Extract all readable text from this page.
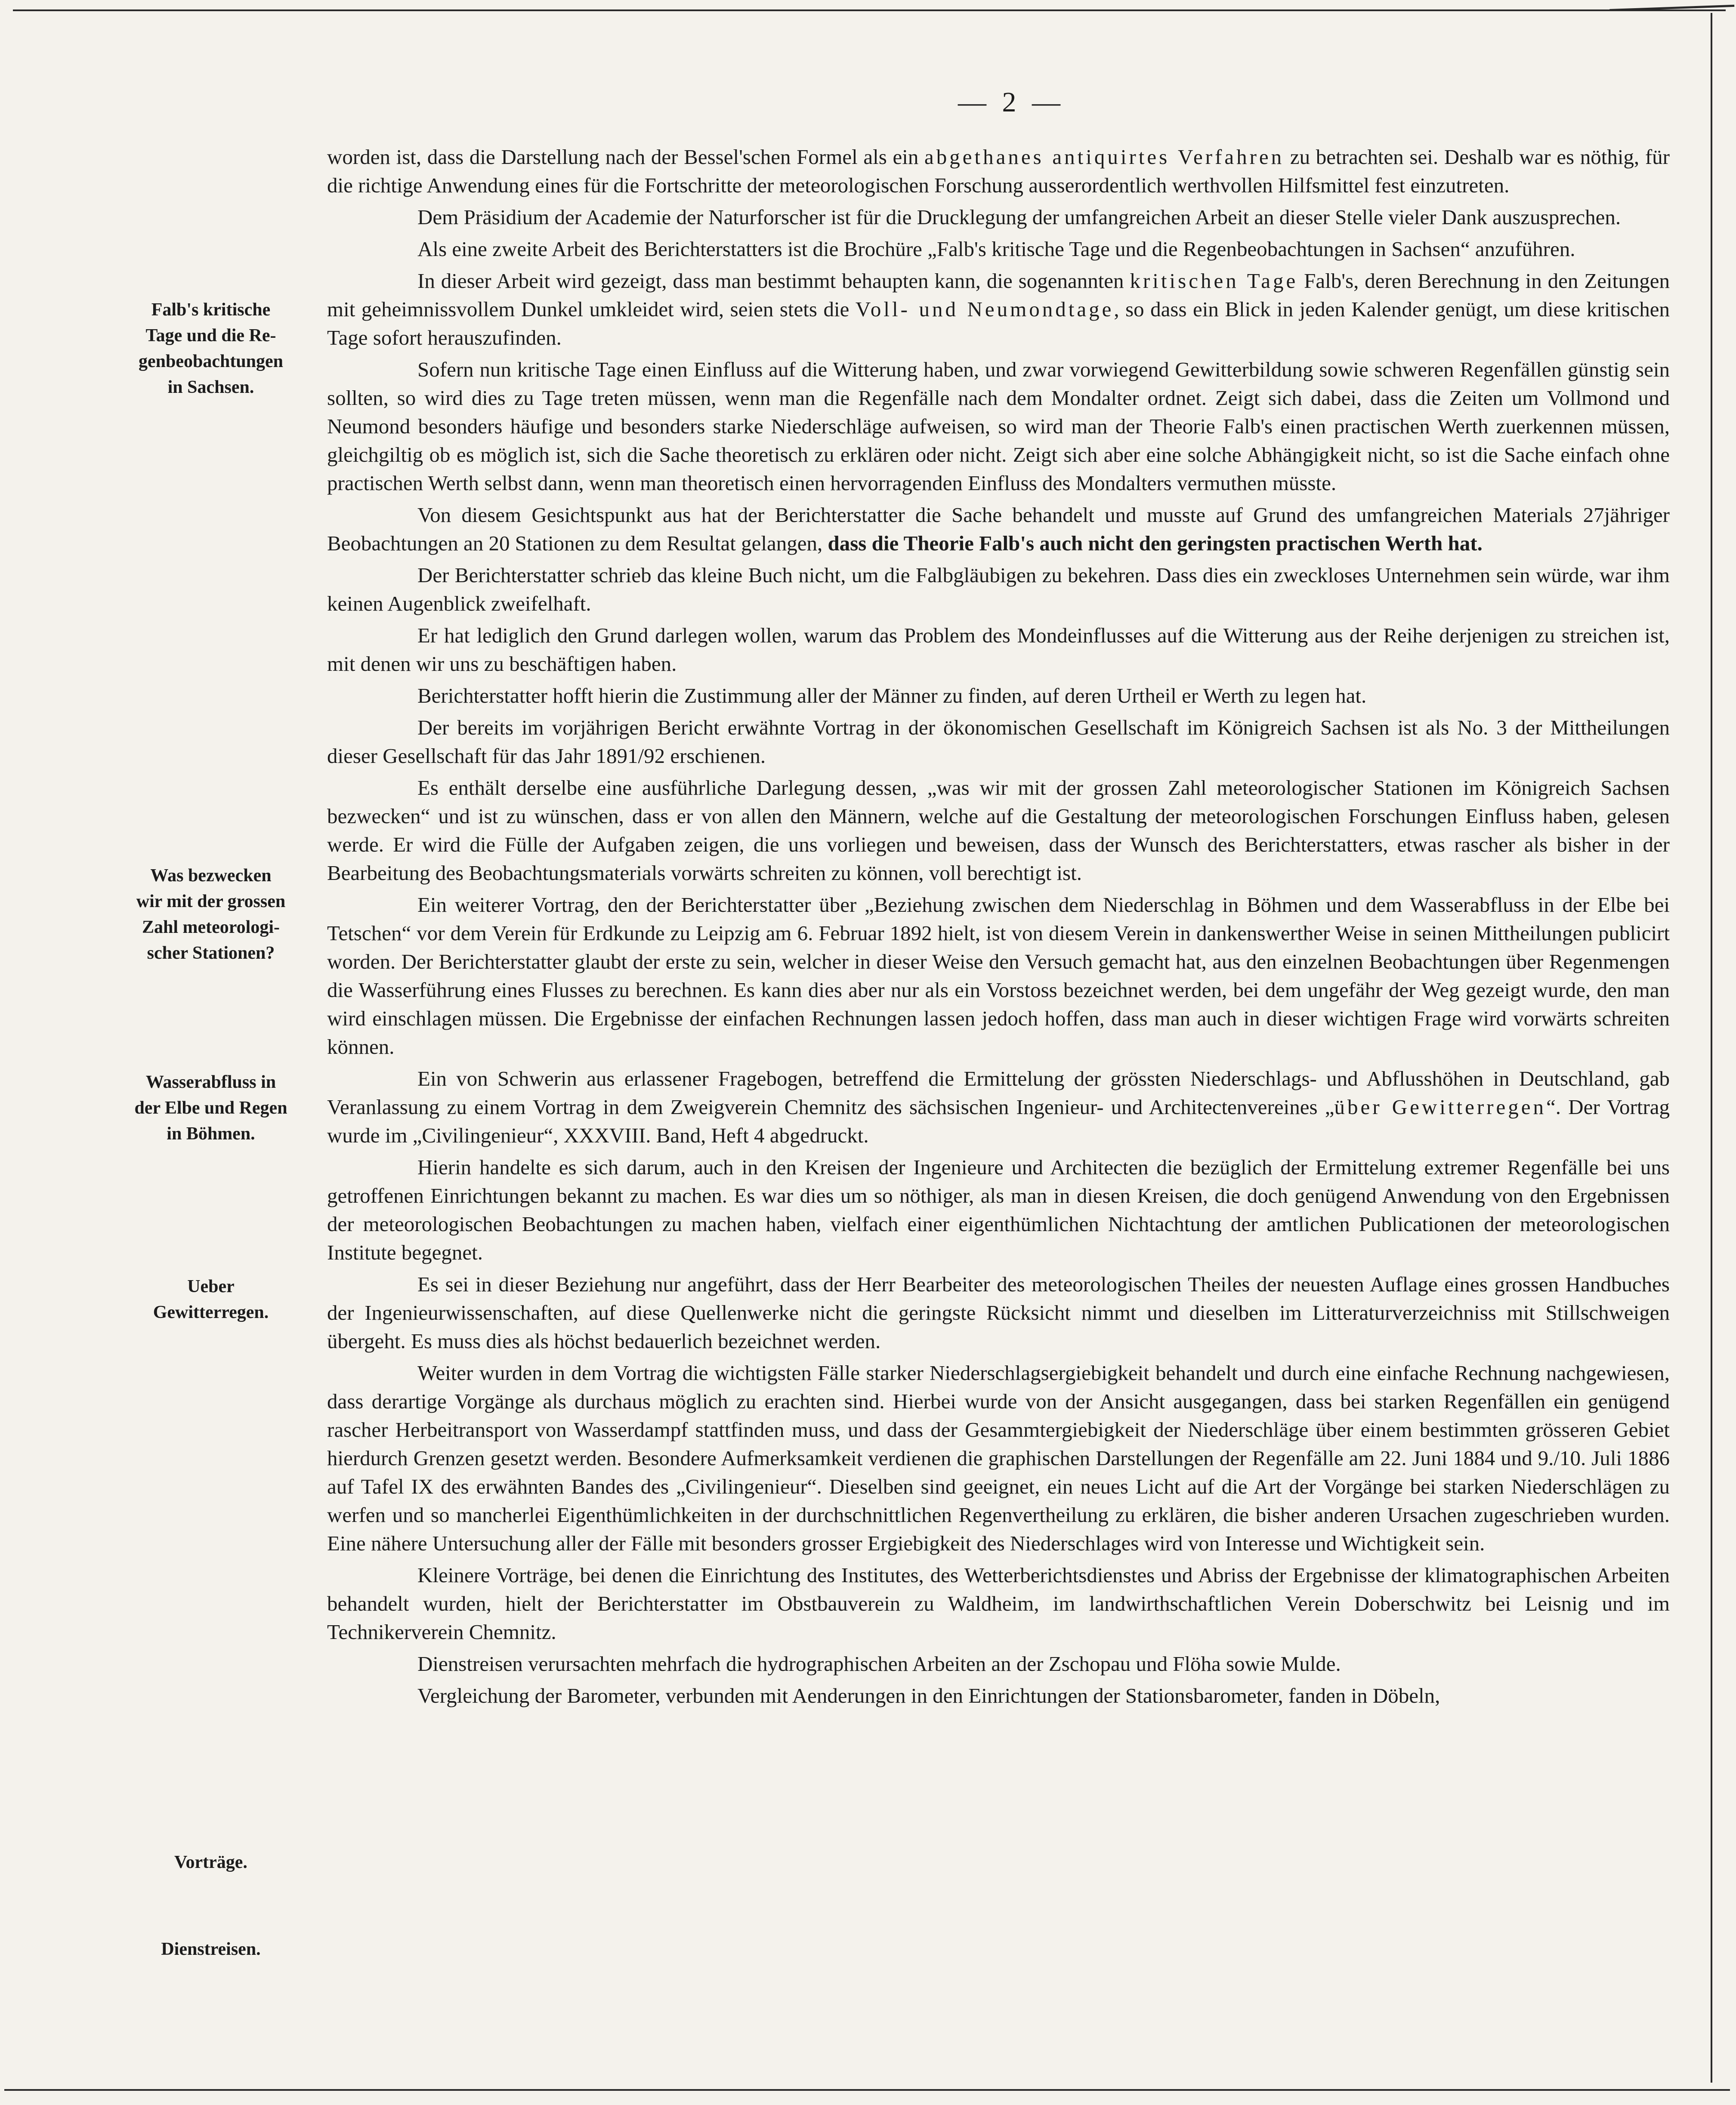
— 2 —
Falb's kritische
Tage und die Re-
genbeobachtungen
in Sachsen.
Was bezwecken
wir mit der grossen
Zahl meteorologi-
scher Stationen?
Wasserabfluss in
der Elbe und Regen
in Böhmen.
Ueber
Gewitterregen.
Vorträge.
Dienstreisen.

worden ist, dass die Darstellung nach der Bessel'schen Formel als ein abgethanes antiquirtes Verfahren zu betrachten sei. Deshalb war es nöthig, für die richtige Anwendung eines für die Fortschritte der meteorologischen Forschung ausserordentlich werthvollen Hilfsmittel fest einzutreten.

Dem Präsidium der Academie der Naturforscher ist für die Drucklegung der umfangreichen Arbeit an dieser Stelle vieler Dank auszusprechen.

Als eine zweite Arbeit des Berichterstatters ist die Brochüre „Falb's kritische Tage und die Regenbeobachtungen in Sachsen“ anzuführen.

In dieser Arbeit wird gezeigt, dass man bestimmt behaupten kann, die sogenannten kritischen Tage Falb's, deren Berechnung in den Zeitungen mit geheimnissvollem Dunkel umkleidet wird, seien stets die Voll- und Neumondtage, so dass ein Blick in jeden Kalender genügt, um diese kritischen Tage sofort herauszufinden.

Sofern nun kritische Tage einen Einfluss auf die Witterung haben, und zwar vorwiegend Gewitterbildung sowie schweren Regenfällen günstig sein sollten, so wird dies zu Tage treten müssen, wenn man die Regenfälle nach dem Mondalter ordnet. Zeigt sich dabei, dass die Zeiten um Vollmond und Neumond besonders häufige und besonders starke Niederschläge aufweisen, so wird man der Theorie Falb's einen practischen Werth zuerkennen müssen, gleichgiltig ob es möglich ist, sich die Sache theoretisch zu erklären oder nicht. Zeigt sich aber eine solche Abhängigkeit nicht, so ist die Sache einfach ohne practischen Werth selbst dann, wenn man theoretisch einen hervorragenden Einfluss des Mondalters vermuthen müsste.

Von diesem Gesichtspunkt aus hat der Berichterstatter die Sache behandelt und musste auf Grund des umfangreichen Materials 27jähriger Beobachtungen an 20 Stationen zu dem Resultat gelangen, dass die Theorie Falb's auch nicht den geringsten practischen Werth hat.

Der Berichterstatter schrieb das kleine Buch nicht, um die Falbgläubigen zu bekehren. Dass dies ein zweckloses Unternehmen sein würde, war ihm keinen Augenblick zweifelhaft.

Er hat lediglich den Grund darlegen wollen, warum das Problem des Mondeinflusses auf die Witterung aus der Reihe derjenigen zu streichen ist, mit denen wir uns zu beschäftigen haben.

Berichterstatter hofft hierin die Zustimmung aller der Männer zu finden, auf deren Urtheil er Werth zu legen hat.

Der bereits im vorjährigen Bericht erwähnte Vortrag in der ökonomischen Gesellschaft im Königreich Sachsen ist als No. 3 der Mittheilungen dieser Gesellschaft für das Jahr 1891/92 erschienen.

Es enthält derselbe eine ausführliche Darlegung dessen, „was wir mit der grossen Zahl meteorologischer Stationen im Königreich Sachsen bezwecken“ und ist zu wünschen, dass er von allen den Männern, welche auf die Gestaltung der meteorologischen Forschungen Einfluss haben, gelesen werde. Er wird die Fülle der Aufgaben zeigen, die uns vorliegen und beweisen, dass der Wunsch des Berichterstatters, etwas rascher als bisher in der Bearbeitung des Beobachtungsmaterials vorwärts schreiten zu können, voll berechtigt ist.

Ein weiterer Vortrag, den der Berichterstatter über „Beziehung zwischen dem Niederschlag in Böhmen und dem Wasserabfluss in der Elbe bei Tetschen“ vor dem Verein für Erdkunde zu Leipzig am 6. Februar 1892 hielt, ist von diesem Verein in dankenswerther Weise in seinen Mittheilungen publicirt worden. Der Berichterstatter glaubt der erste zu sein, welcher in dieser Weise den Versuch gemacht hat, aus den einzelnen Beobachtungen über Regenmengen die Wasserführung eines Flusses zu berechnen. Es kann dies aber nur als ein Vorstoss bezeichnet werden, bei dem ungefähr der Weg gezeigt wurde, den man wird einschlagen müssen. Die Ergebnisse der einfachen Rechnungen lassen jedoch hoffen, dass man auch in dieser wichtigen Frage wird vorwärts schreiten können.

Ein von Schwerin aus erlassener Fragebogen, betreffend die Ermittelung der grössten Niederschlags- und Abflusshöhen in Deutschland, gab Veranlassung zu einem Vortrag in dem Zweigverein Chemnitz des sächsischen Ingenieur- und Architectenvereines „über Gewitterregen“. Der Vortrag wurde im „Civilingenieur“, XXXVIII. Band, Heft 4 abgedruckt.

Hierin handelte es sich darum, auch in den Kreisen der Ingenieure und Architecten die bezüglich der Ermittelung extremer Regenfälle bei uns getroffenen Einrichtungen bekannt zu machen. Es war dies um so nöthiger, als man in diesen Kreisen, die doch genügend Anwendung von den Ergebnissen der meteorologischen Beobachtungen zu machen haben, vielfach einer eigenthümlichen Nichtachtung der amtlichen Publicationen der meteorologischen Institute begegnet.

Es sei in dieser Beziehung nur angeführt, dass der Herr Bearbeiter des meteorologischen Theiles der neuesten Auflage eines grossen Handbuches der Ingenieurwissenschaften, auf diese Quellenwerke nicht die geringste Rücksicht nimmt und dieselben im Litteraturverzeichniss mit Stillschweigen übergeht. Es muss dies als höchst bedauerlich bezeichnet werden.

Weiter wurden in dem Vortrag die wichtigsten Fälle starker Niederschlagsergiebigkeit behandelt und durch eine einfache Rechnung nachgewiesen, dass derartige Vorgänge als durchaus möglich zu erachten sind. Hierbei wurde von der Ansicht ausgegangen, dass bei starken Regenfällen ein genügend rascher Herbeitransport von Wasserdampf stattfinden muss, und dass der Gesammtergiebigkeit der Niederschläge über einem bestimmten grösseren Gebiet hierdurch Grenzen gesetzt werden. Besondere Aufmerksamkeit verdienen die graphischen Darstellungen der Regenfälle am 22. Juni 1884 und 9./10. Juli 1886 auf Tafel IX des erwähnten Bandes des „Civilingenieur“. Dieselben sind geeignet, ein neues Licht auf die Art der Vorgänge bei starken Niederschlägen zu werfen und so mancherlei Eigenthümlichkeiten in der durchschnittlichen Regenvertheilung zu erklären, die bisher anderen Ursachen zugeschrieben wurden. Eine nähere Untersuchung aller der Fälle mit besonders grosser Ergiebigkeit des Niederschlages wird von Interesse und Wichtigkeit sein.

Kleinere Vorträge, bei denen die Einrichtung des Institutes, des Wetterberichtsdienstes und Abriss der Ergebnisse der klimatographischen Arbeiten behandelt wurden, hielt der Berichterstatter im Obstbauverein zu Waldheim, im landwirthschaftlichen Verein Doberschwitz bei Leisnig und im Technikerverein Chemnitz.

Dienstreisen verursachten mehrfach die hydrographischen Arbeiten an der Zschopau und Flöha sowie Mulde.

Vergleichung der Barometer, verbunden mit Aenderungen in den Einrichtungen der Stationsbarometer, fanden in Döbeln,
